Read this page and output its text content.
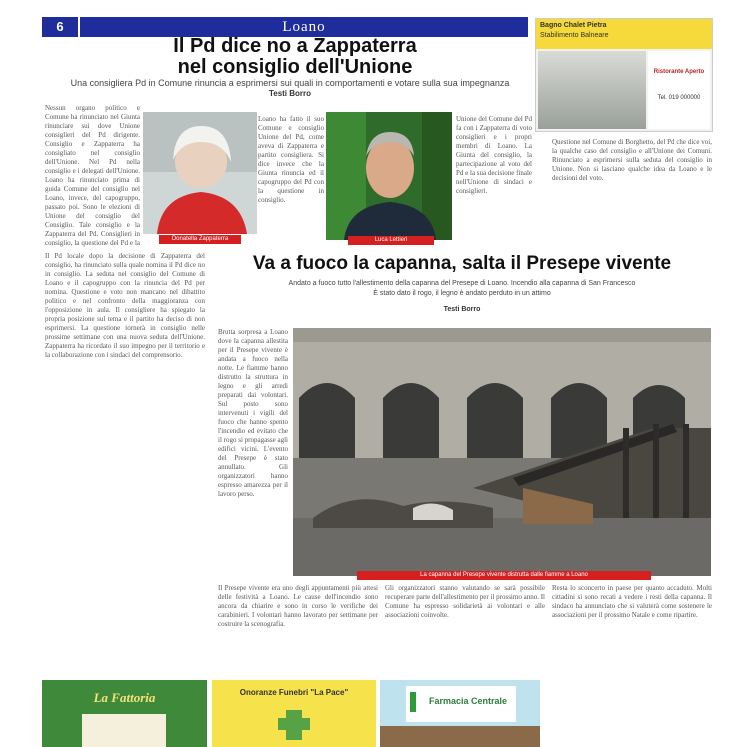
6	Loano
Il Pd dice no a Zappaterra
nel consiglio dell'Unione
Una consigliera Pd in Comune rinuncia a esprimersi sui quali in comportamenti e votare sulla sua impegnanza
Testi Borro

Nessun organo politico e Comune ha rinunciato nel Giunta rinunciare sui dove Unione consiglieri del Pd dirigente. Consiglio e Zappaterra ha consigliato nel consiglio dell'Unione. Nel Pd nella consiglio e i delegati dell'Unione. Loano ha rinunciato prima di guida Comune del consiglio nel Loano, invece, del capogruppo, passato poi. Sono le elezioni di Unione del consiglio del Consiglio. Tale consiglio e la Zappaterra del Pd. Consiglieri in consiglio, la questione del Pd e la

Loano ha fatto il suo Comune e consiglio Unione del Pd, come aveva di Zappaterra e partito consigliera. Si dice invece che la Giunta rinuncia ed il capogruppo del Pd con la questione in consiglio.

Unione del Comune del Pd fa con i Zappaterra di voto consiglieri e i propri membri di Loano. La Giunta del consiglio, la partecipazione al voto del Pd e la sua decisione finale nell'Unione di sindaci e consiglieri.

Questione nel Comune di Borghetto, del Pd che dice voi, la qualche caso del consiglio e all'Unione dei Comuni. Rinunciato a esprimersi sulla seduta del consiglio in Unione. Non si lasciano qualche idea da Loano e le decisioni del voto.

Il Pd locale dopo la decisione di Zappaterra del consiglio, ha rinunciato sulla quale nomina il Pd dice no in consiglio. La seduta nel consiglio del Comune di Loano e il capogruppo con la rinuncia del Pd per nomina. Questione e voto non mancano nel dibattito politico e nel confronto della maggioranza con l'opposizione in aula. Il consigliere ha spiegato la propria posizione sul tema e il partito ha deciso di non esprimersi. La questione tornerà in consiglio nelle prossime settimane con una nuova seduta dell'Unione. Zappaterra ha ricordato il suo impegno per il territorio e la collaborazione con i sindaci del comprensorio.

Donatella Zappaterra	Luca Lettieri
Bagno Chalet Pietra
Stabilimento Balneare
Ristorante Aperto
Tel. 019 000000
Va a fuoco la capanna, salta il Presepe vivente
Andato a fuoco tutto l'allestimento della capanna del Presepe di Loano. Incendio alla capanna di San Francesco
È stato dato il rogo, il legno è andato perduto in un attimo
Testi Borro

Brutta sorpresa a Loano dove la capanna allestita per il Presepe vivente è andata a fuoco nella notte. Le fiamme hanno distrutto la struttura in legno e gli arredi preparati dai volontari. Sul posto sono intervenuti i vigili del fuoco che hanno spento l'incendio ed evitato che il rogo si propagasse agli edifici vicini. L'evento del Presepe è stato annullato. Gli organizzatori hanno espresso amarezza per il lavoro perso.

La capanna del Presepe vivente distrutta dalle fiamme a Loano

Il Presepe vivente era uno degli appuntamenti più attesi delle festività a Loano. Le cause dell'incendio sono ancora da chiarire e sono in corso le verifiche dei carabinieri. I volontari hanno lavorato per settimane per costruire la scenografia.

Gli organizzatori stanno valutando se sarà possibile recuperare parte dell'allestimento per il prossimo anno. Il Comune ha espresso solidarietà ai volontari e alle associazioni coinvolte.

Resta lo sconcerto in paese per quanto accaduto. Molti cittadini si sono recati a vedere i resti della capanna. Il sindaco ha annunciato che si valuterà come sostenere le associazioni per il prossimo Natale e come ripartire.

La Fattoria	Onoranze Funebri "La Pace"
Farmacia Centrale
